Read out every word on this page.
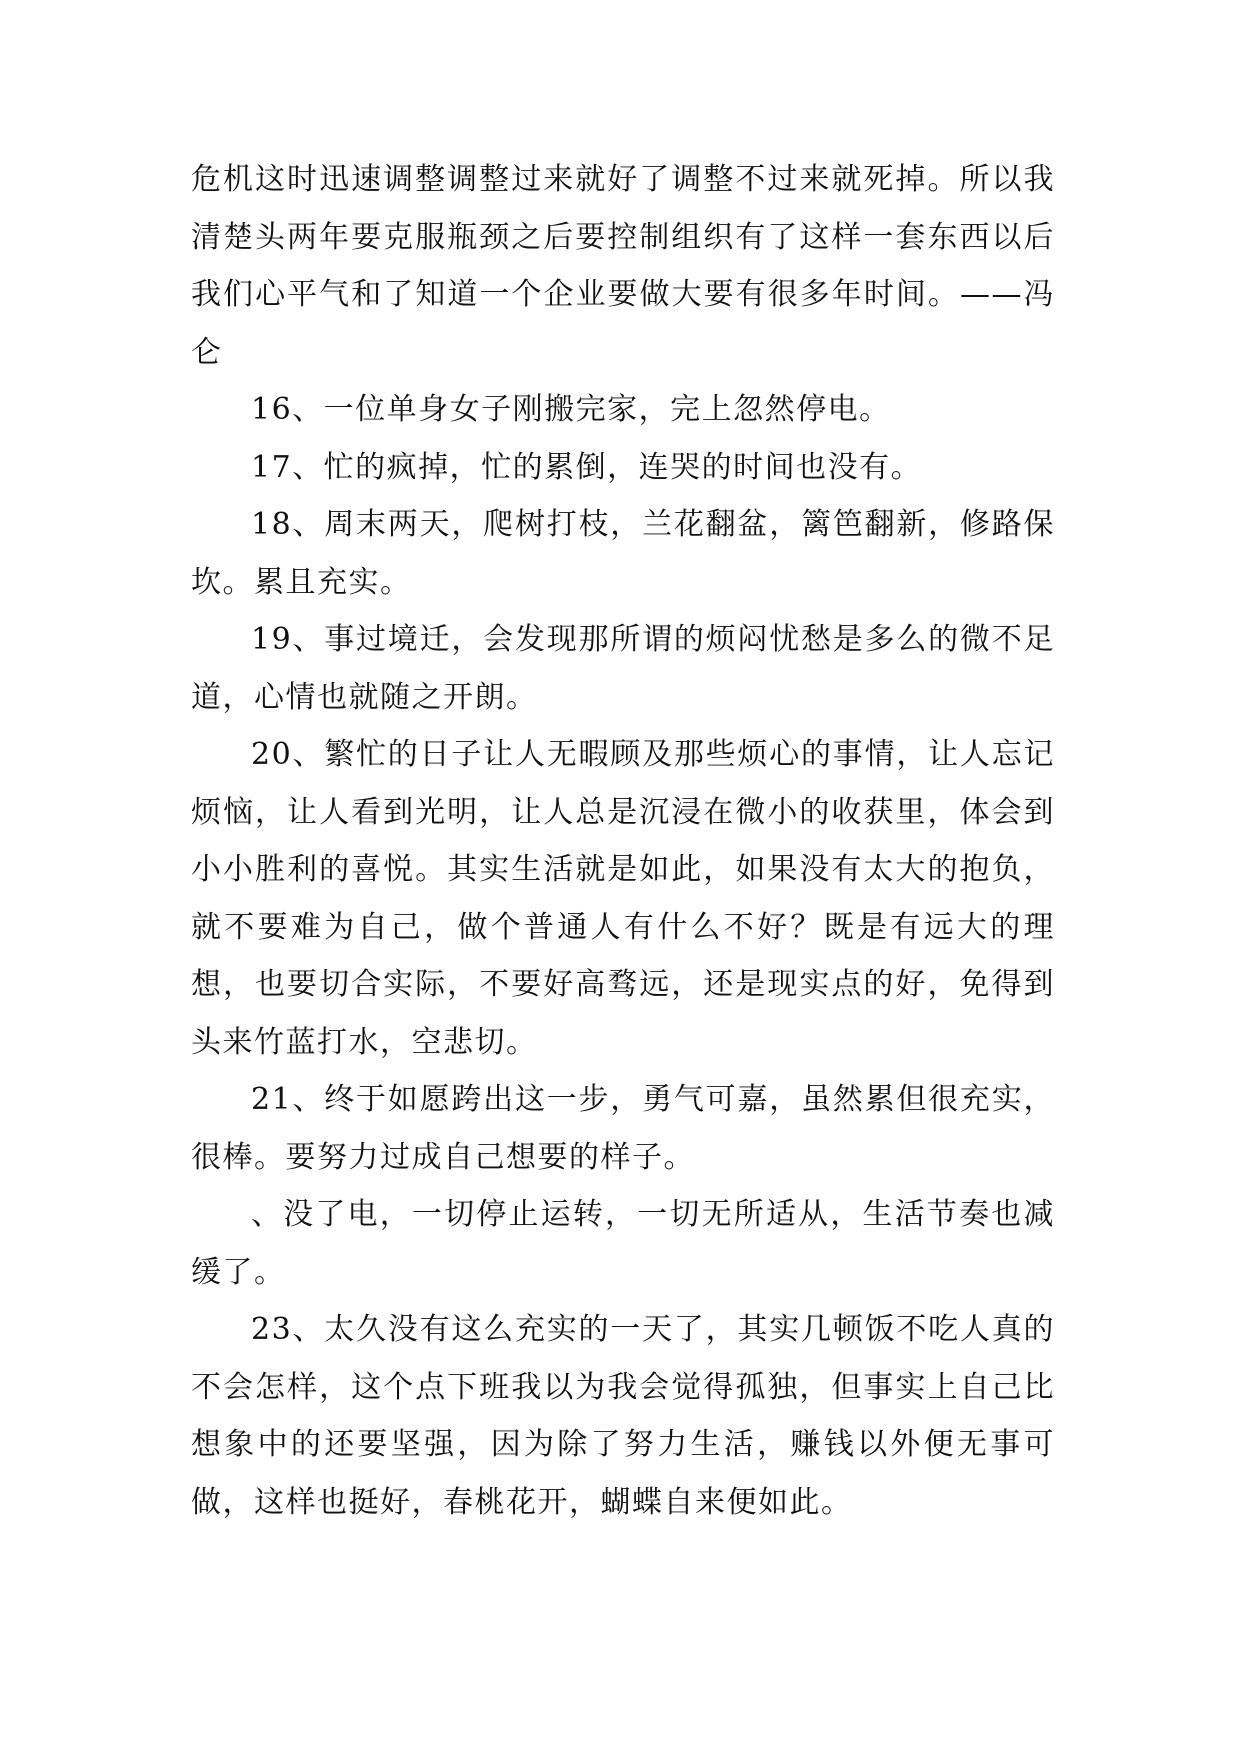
危机这时迅速调整调整过来就好了调整不过来就死掉。所以我清楚头两年要克服瓶颈之后要控制组织有了这样一套东西以后我们心平气和了知道一个企业要做大要有很多年时间。——冯仑

16、一位单身女子刚搬完家，完上忽然停电。

17、忙的疯掉，忙的累倒，连哭的时间也没有。

18、周末两天，爬树打枝，兰花翻盆，篱笆翻新，修路保坎。累且充实。

19、事过境迁，会发现那所谓的烦闷忧愁是多么的微不足道，心情也就随之开朗。

20、繁忙的日子让人无暇顾及那些烦心的事情，让人忘记烦恼，让人看到光明，让人总是沉浸在微小的收获里，体会到小小胜利的喜悦。其实生活就是如此，如果没有太大的抱负，就不要难为自己，做个普通人有什么不好？既是有远大的理想，也要切合实际，不要好高骛远，还是现实点的好，免得到头来竹蓝打水，空悲切。

21、终于如愿跨出这一步，勇气可嘉，虽然累但很充实，很棒。要努力过成自己想要的样子。

、没了电，一切停止运转，一切无所适从，生活节奏也减缓了。

23、太久没有这么充实的一天了，其实几顿饭不吃人真的不会怎样，这个点下班我以为我会觉得孤独，但事实上自己比想象中的还要坚强，因为除了努力生活，赚钱以外便无事可做，这样也挺好，春桃花开，蝴蝶自来便如此。
